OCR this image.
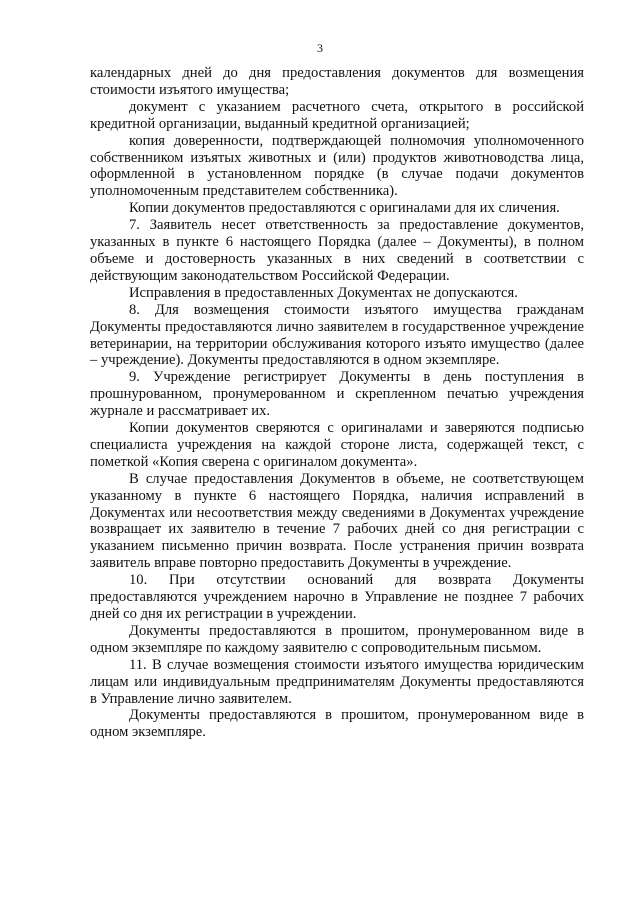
3

календарных дней до дня предоставления документов для возмещения стоимости изъятого имущества;

документ с указанием расчетного счета, открытого в российской кредитной организации, выданный кредитной организацией;

копия доверенности, подтверждающей полномочия уполномоченного собственником изъятых животных и (или) продуктов животноводства лица, оформленной в установленном порядке (в случае подачи документов уполномоченным представителем собственника).

Копии документов предоставляются с оригиналами для их сличения.

7. Заявитель несет ответственность за предоставление документов, указанных в пункте 6 настоящего Порядка (далее – Документы), в полном объеме и достоверность указанных в них сведений в соответствии с действующим законодательством Российской Федерации.

Исправления в предоставленных Документах не допускаются.

8. Для возмещения стоимости изъятого имущества гражданам Документы предоставляются лично заявителем в государственное учреждение ветеринарии, на территории обслуживания которого изъято имущество (далее – учреждение). Документы предоставляются в одном экземпляре.

9. Учреждение регистрирует Документы в день поступления в прошнурованном, пронумерованном и скрепленном печатью учреждения журнале и рассматривает их.

Копии документов сверяются с оригиналами и заверяются подписью специалиста учреждения на каждой стороне листа, содержащей текст, с пометкой «Копия сверена с оригиналом документа».

В случае предоставления Документов в объеме, не соответствующем указанному в пункте 6 настоящего Порядка, наличия исправлений в Документах или несоответствия между сведениями в Документах учреждение возвращает их заявителю в течение 7 рабочих дней со дня регистрации с указанием письменно причин возврата. После устранения причин возврата заявитель вправе повторно предоставить Документы в учреждение.

10. При отсутствии оснований для возврата Документы предоставляются учреждением нарочно в Управление не позднее 7 рабочих дней со дня их регистрации в учреждении.

Документы предоставляются в прошитом, пронумерованном виде в одном экземпляре по каждому заявителю с сопроводительным письмом.

11. В случае возмещения стоимости изъятого имущества юридическим лицам или индивидуальным предпринимателям Документы предоставляются в Управление лично заявителем.

Документы предоставляются в прошитом, пронумерованном виде в одном экземпляре.
